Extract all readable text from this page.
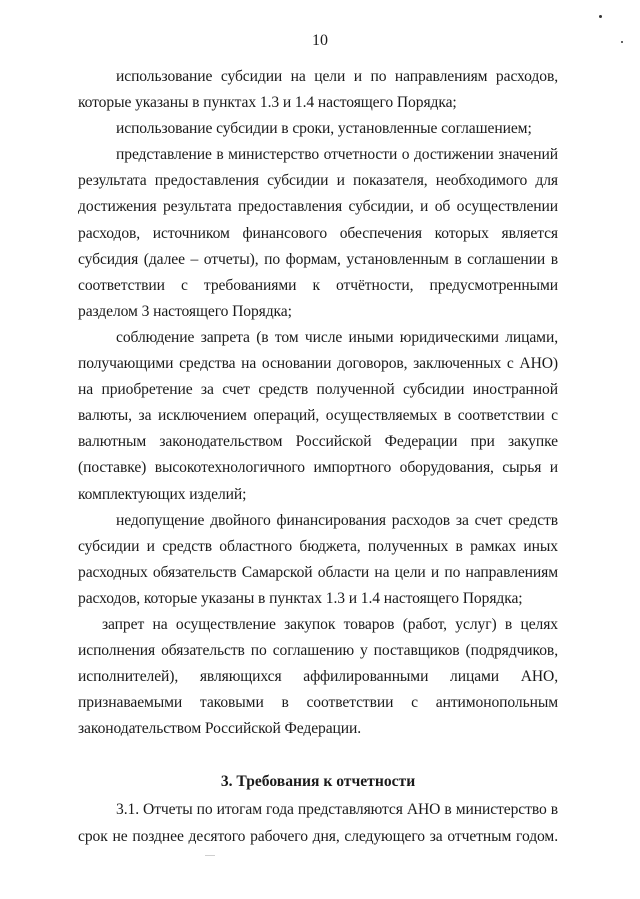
10

использование субсидии на цели и по направлениям расходов, которые указаны в пунктах 1.3 и 1.4 настоящего Порядка;

использование субсидии в сроки, установленные соглашением;

представление в министерство отчетности о достижении значений результата предоставления субсидии и показателя, необходимого для достижения результата предоставления субсидии, и об осуществлении расходов, источником финансового обеспечения которых является субсидия (далее – отчеты), по формам, установленным в соглашении в соответствии с требованиями к отчётности, предусмотренными разделом 3 настоящего Порядка;

соблюдение запрета (в том числе иными юридическими лицами, получающими средства на основании договоров, заключенных с АНО) на приобретение за счет средств полученной субсидии иностранной валюты, за исключением операций, осуществляемых в соответствии с валютным законодательством Российской Федерации при закупке (поставке) высокотехнологичного импортного оборудования, сырья и комплектующих изделий;

недопущение двойного финансирования расходов за счет средств субсидии и средств областного бюджета, полученных в рамках иных расходных обязательств Самарской области на цели и по направлениям расходов, которые указаны в пунктах 1.3 и 1.4 настоящего Порядка;

запрет на осуществление закупок товаров (работ, услуг) в целях исполнения обязательств по соглашению у поставщиков (подрядчиков, исполнителей), являющихся аффилированными лицами АНО, признаваемыми таковыми в соответствии с антимонопольным законодательством Российской Федерации.

3. Требования к отчетности

3.1. Отчеты по итогам года представляются АНО в министерство в срок не позднее десятого рабочего дня, следующего за отчетным годом.
